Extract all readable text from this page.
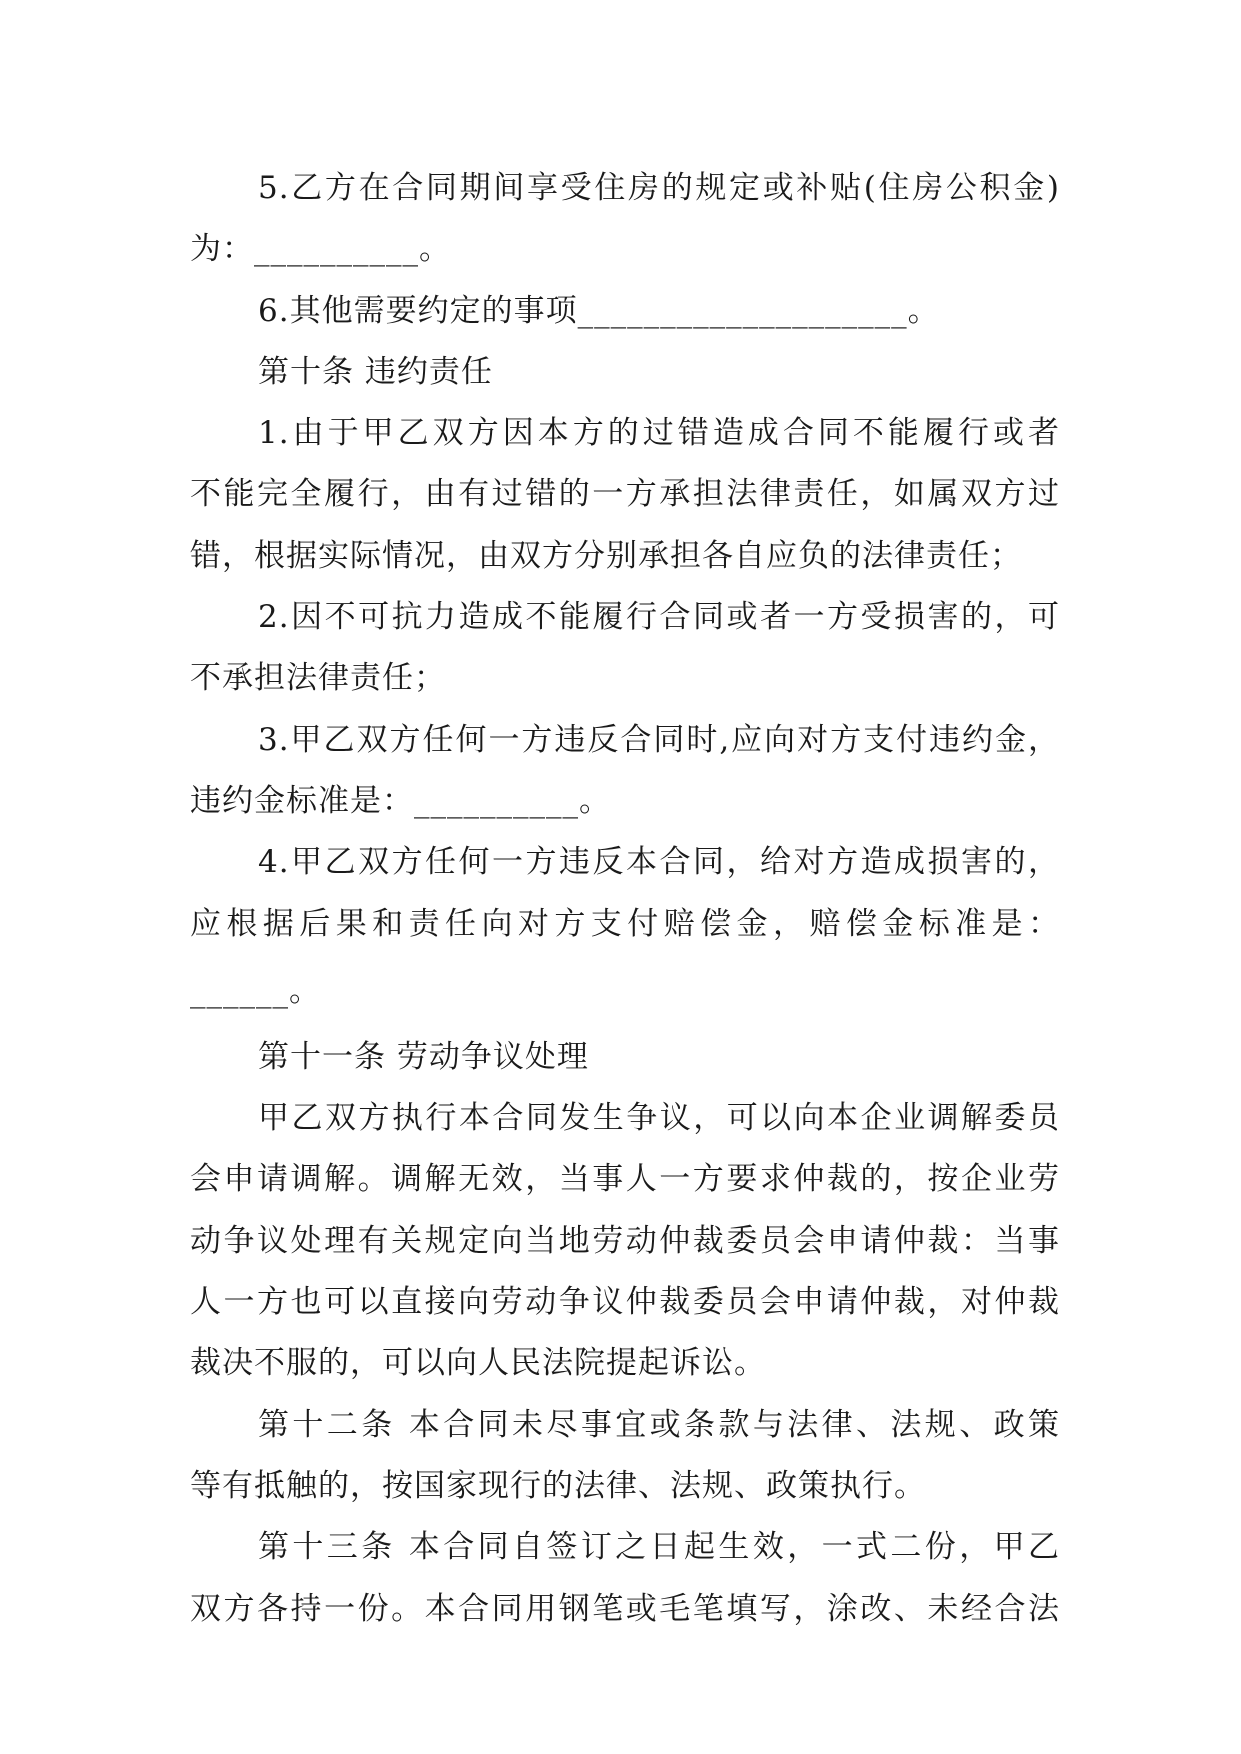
5.乙方在合同期间享受住房的规定或补贴(住房公积金)
为：__________。
6.其他需要约定的事项____________________。
第十条 违约责任
1.由于甲乙双方因本方的过错造成合同不能履行或者
不能完全履行，由有过错的一方承担法律责任，如属双方过
错，根据实际情况，由双方分别承担各自应负的法律责任；
2.因不可抗力造成不能履行合同或者一方受损害的，可
不承担法律责任；
3.甲乙双方任何一方违反合同时,应向对方支付违约金，
违约金标准是：__________。
4.甲乙双方任何一方违反本合同，给对方造成损害的，
应根据后果和责任向对方支付赔偿金，赔偿金标准是：
______。
第十一条 劳动争议处理
甲乙双方执行本合同发生争议，可以向本企业调解委员
会申请调解。调解无效，当事人一方要求仲裁的，按企业劳
动争议处理有关规定向当地劳动仲裁委员会申请仲裁：当事
人一方也可以直接向劳动争议仲裁委员会申请仲裁，对仲裁
裁决不服的，可以向人民法院提起诉讼。
第十二条 本合同未尽事宜或条款与法律、法规、政策
等有抵触的，按国家现行的法律、法规、政策执行。
第十三条 本合同自签订之日起生效，一式二份，甲乙
双方各持一份。本合同用钢笔或毛笔填写，涂改、未经合法
